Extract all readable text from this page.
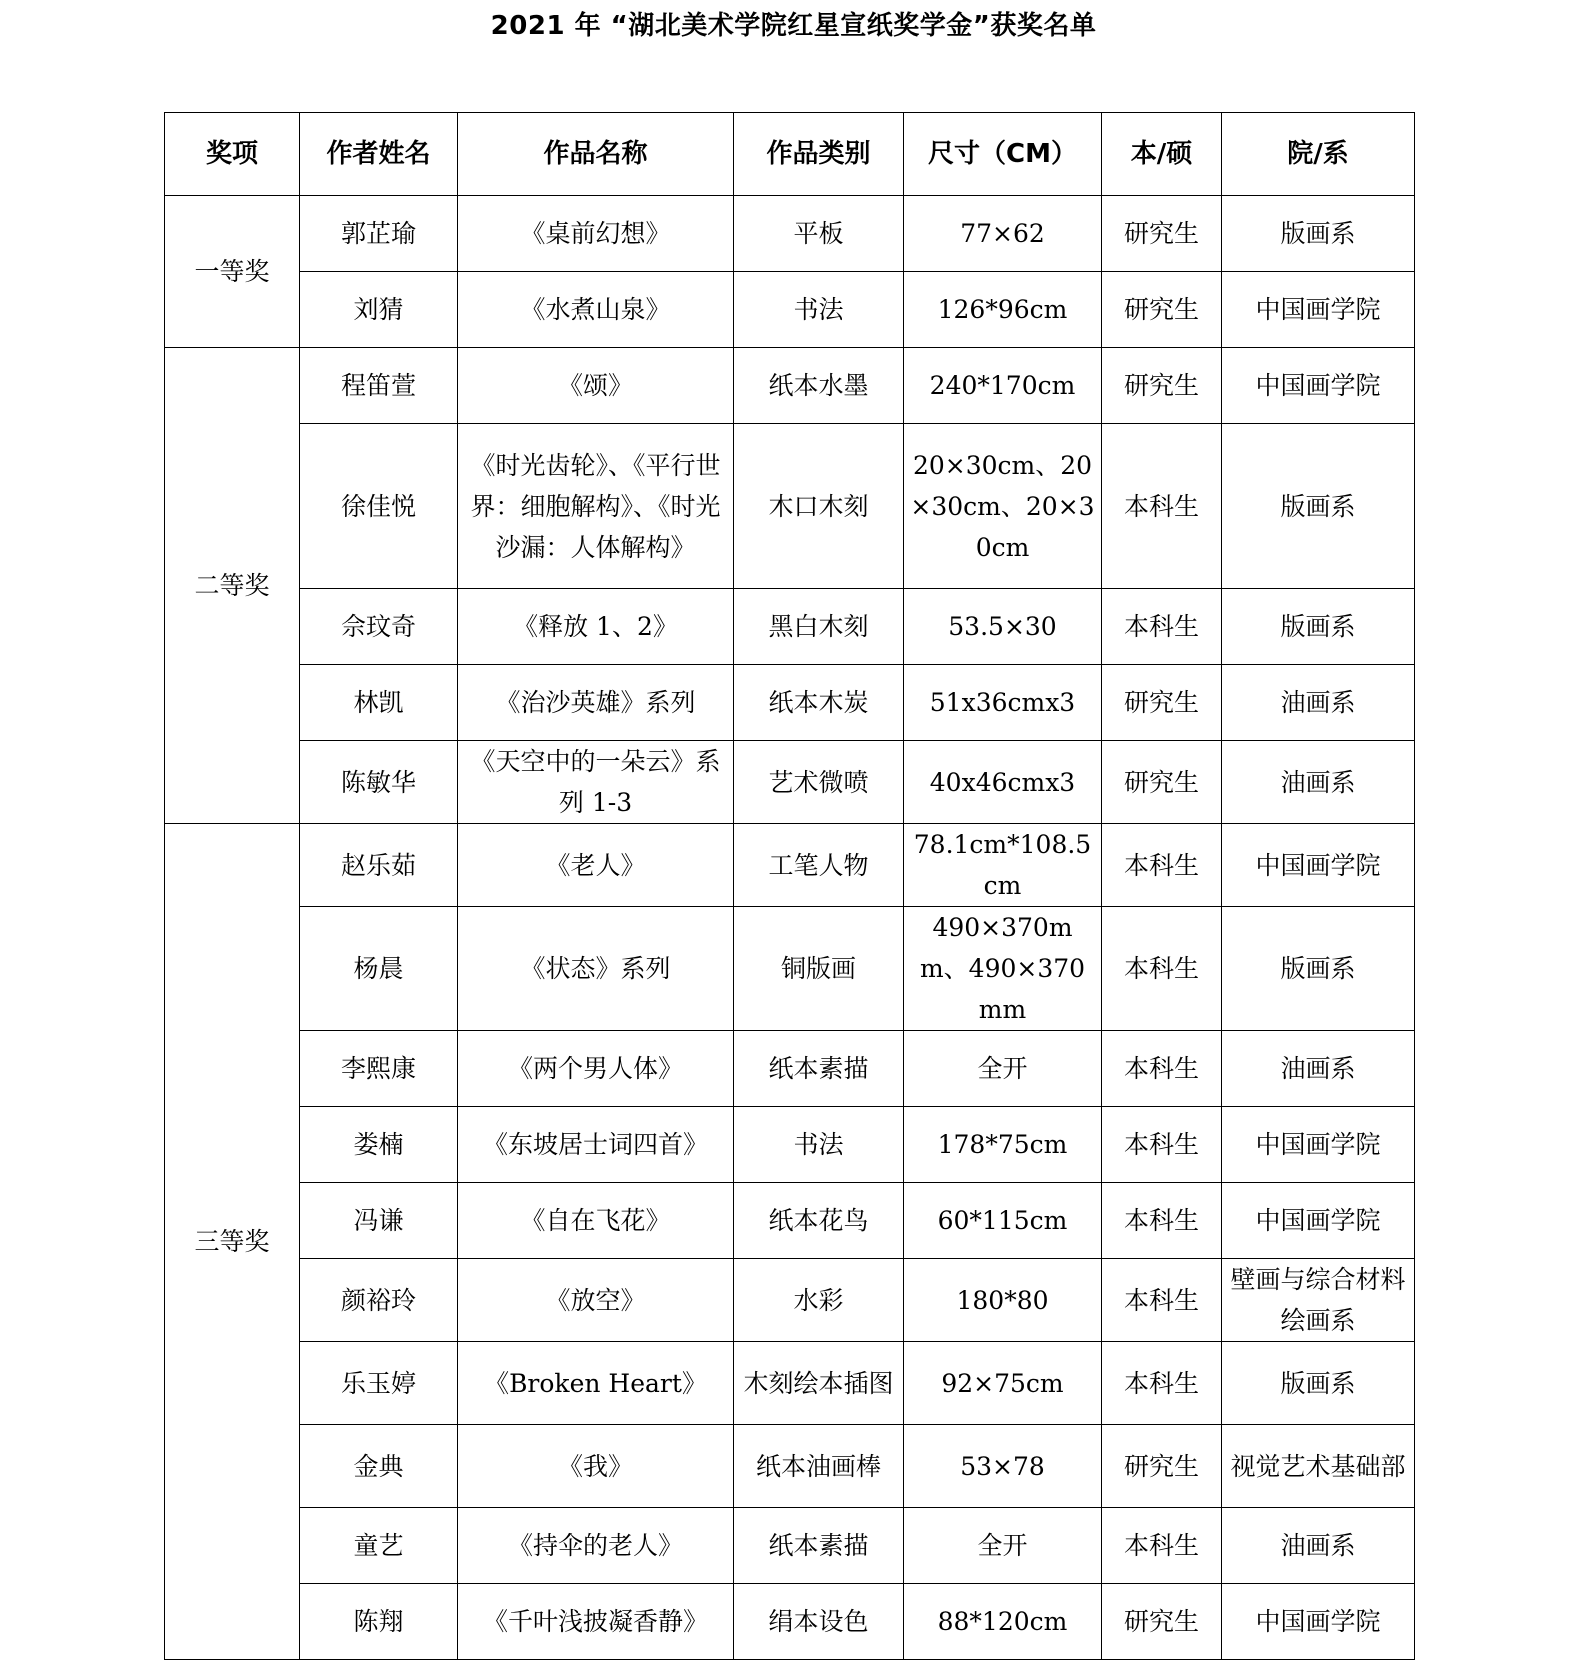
2021 年 “湖北美术学院红星宣纸奖学金”获奖名单
奖项	作者姓名	作品名称	作品类别	尺寸（CM）	本/硕	院/系
一等奖	郭芷瑜	《桌前幻想》	平板	77×62	研究生	版画系
	刘猜	《水煮山泉》	书法	126*96cm	研究生	中国画学院
二等奖	程笛萱	《颂》	纸本水墨	240*170cm	研究生	中国画学院
	徐佳悦	《时光齿轮》、《平行世界：细胞解构》、《时光沙漏：人体解构》	木口木刻	20×30cm、20×30cm、20×30cm	本科生	版画系
	佘玟奇	《释放 1、2》	黑白木刻	53.5×30	本科生	版画系
	林凯	《治沙英雄》系列	纸本木炭	51x36cmx3	研究生	油画系
	陈敏华	《天空中的一朵云》系列 1-3	艺术微喷	40x46cmx3	研究生	油画系
三等奖	赵乐茹	《老人》	工笔人物	78.1cm*108.5cm	本科生	中国画学院
	杨晨	《状态》系列	铜版画	490×370mm、490×370mm	本科生	版画系
	李熙康	《两个男人体》	纸本素描	全开	本科生	油画系
	娄楠	《东坡居士词四首》	书法	178*75cm	本科生	中国画学院
	冯谦	《自在飞花》	纸本花鸟	60*115cm	本科生	中国画学院
	颜裕玲	《放空》	水彩	180*80	本科生	壁画与综合材料绘画系
	乐玉婷	《Broken Heart》	木刻绘本插图	92×75cm	本科生	版画系
	金典	《我》	纸本油画棒	53×78	研究生	视觉艺术基础部
	童艺	《持伞的老人》	纸本素描	全开	本科生	油画系
	陈翔	《千叶浅披凝香静》	绢本设色	88*120cm	研究生	中国画学院
